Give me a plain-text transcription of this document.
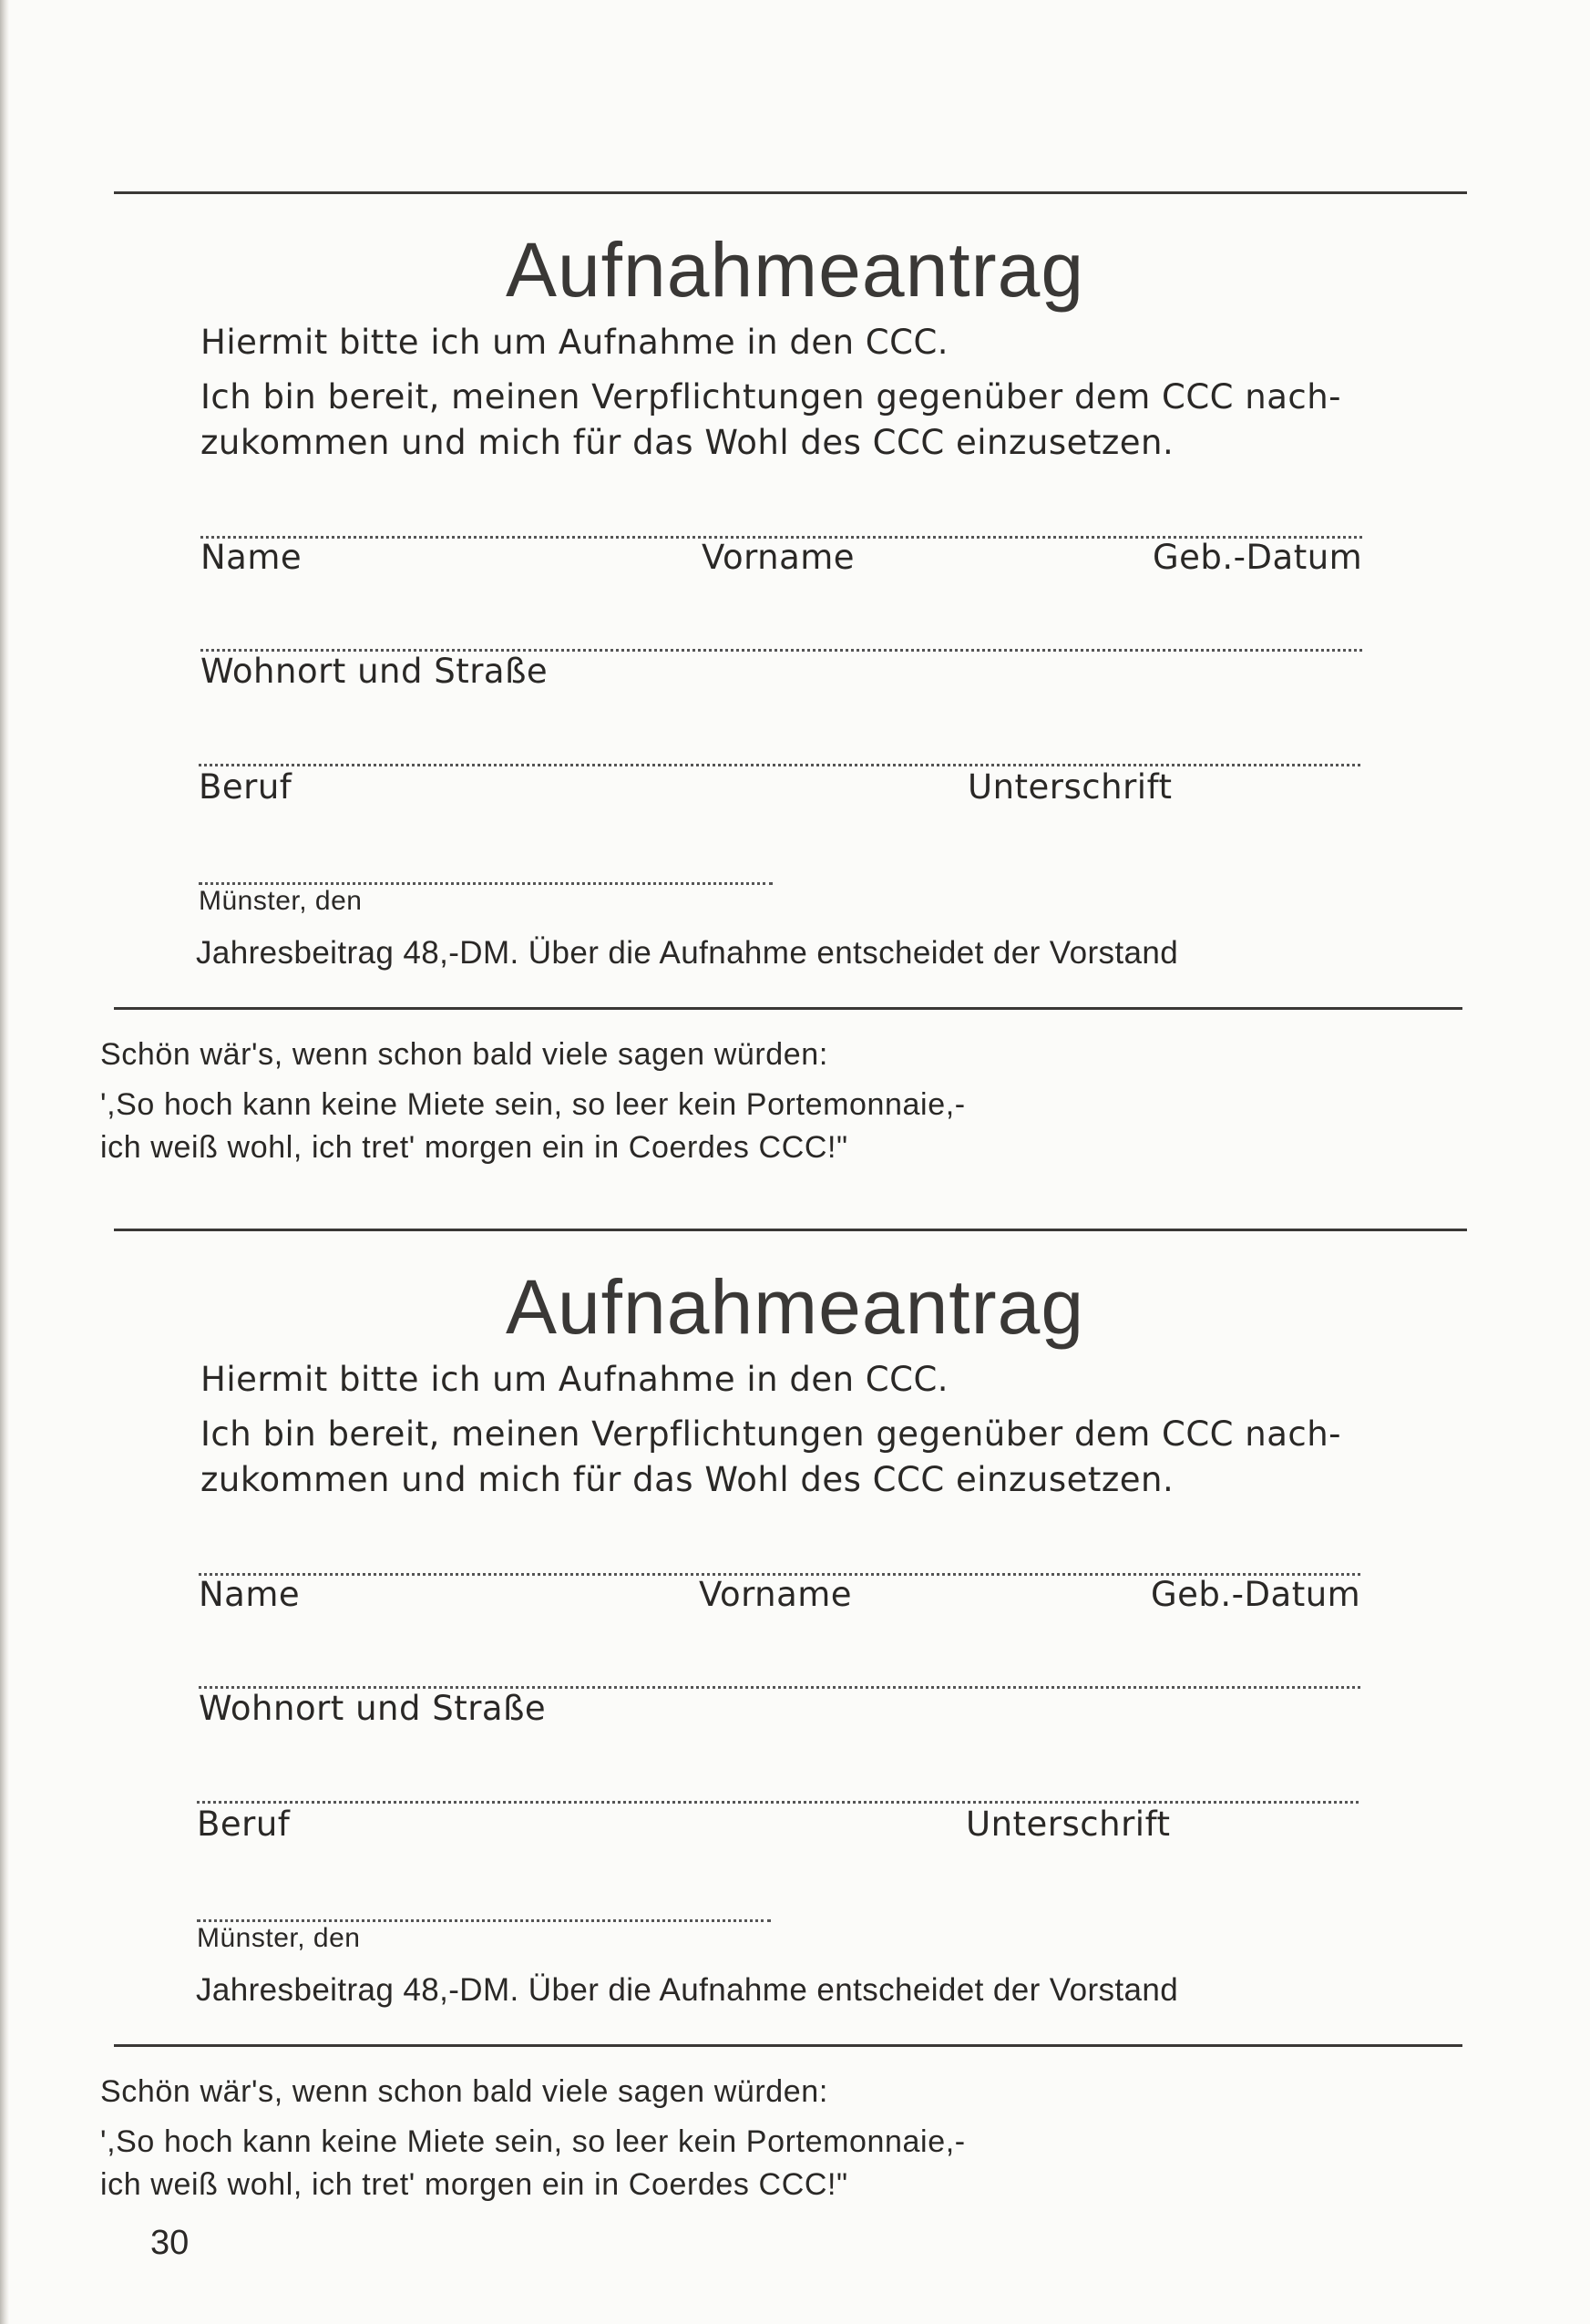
Aufnahmeantrag
Hiermit bitte ich um Aufnahme in den CCC.
Ich bin bereit, meinen Verpflichtungen gegenüber dem CCC nach-
zukommen und mich für das Wohl des CCC einzusetzen.
Name	Vorname	Geb.-Datum
Wohnort und Straße
Beruf	Unterschrift
Münster, den
Jahresbeitrag 48,-DM. Über die Aufnahme entscheidet der Vorstand
Schön wär's, wenn schon bald viele sagen würden:
',So hoch kann keine Miete sein, so leer kein Portemonnaie,-
ich weiß wohl, ich tret' morgen ein in Coerdes CCC!"
Aufnahmeantrag
Hiermit bitte ich um Aufnahme in den CCC.
Ich bin bereit, meinen Verpflichtungen gegenüber dem CCC nach-
zukommen und mich für das Wohl des CCC einzusetzen.
Name	Vorname	Geb.-Datum
Wohnort und Straße
Beruf	Unterschrift
Münster, den
Jahresbeitrag 48,-DM. Über die Aufnahme entscheidet der Vorstand
Schön wär's, wenn schon bald viele sagen würden:
',So hoch kann keine Miete sein, so leer kein Portemonnaie,-
ich weiß wohl, ich tret' morgen ein in Coerdes CCC!"
30
